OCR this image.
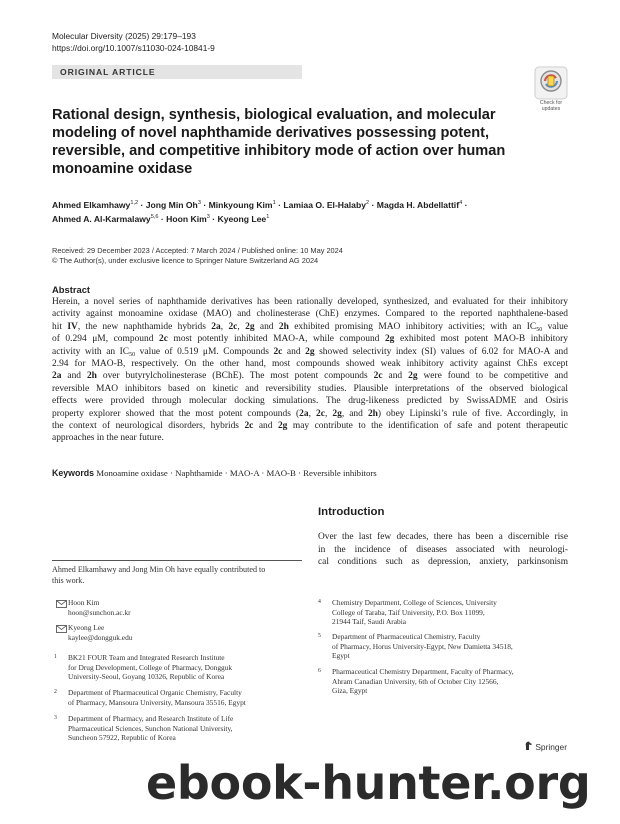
Molecular Diversity (2025) 29:179–193
https://doi.org/10.1007/s11030-024-10841-9
ORIGINAL ARTICLE
Check for
updates
Rational design, synthesis, biological evaluation, and molecular
modeling of novel naphthamide derivatives possessing potent,
reversible, and competitive inhibitory mode of action over human
monoamine oxidase
Ahmed Elkamhawy$^{1,2}$ · Jong Min $Oh^3$ · Minkyoung Kim$^1$ · Lamiaa O. El-Halaby$^2$ · Magda H. Abdellattif$^4$ ·
Ahmed A. Al-Karmalawy$^{5,6}$ · Hoon Kim$^3$ · Kyeong Lee$^1$
Received: 29 December 2023 / Accepted: 7 March 2024 / Published online: 10 May 2024
© The Author(s), under exclusive licence to Springer Nature Switzerland AG 2024
Abstract
Herein, a novel series of naphthamide derivatives has been rationally developed, synthesized, and evaluated for their inhibitory
activity against monoamine oxidase (MAO) and cholinesterase (ChE) enzymes. Compared to the reported naphthalene-based
hit IV, the new naphthamide hybrids 2a, 2c, 2g and 2h exhibited promising MAO inhibitory activities; with an $IC_{50}$ value
of 0.294 μM, compound 2c most potently inhibited MAO-A, while compound 2g exhibited most potent MAO-B inhibitory
activity with an $IC_{50}$ value of 0.519 μM. Compounds 2c and 2g showed selectivity index (SI) values of 6.02 for MAO-A and
2.94 for MAO-B, respectively. On the other hand, most compounds showed weak inhibitory activity against ChEs except
2a and 2h over butyrylcholinesterase (BChE). The most potent compounds 2c and 2g were found to be competitive and
reversible MAO inhibitors based on kinetic and reversibility studies. Plausible interpretations of the observed biological
effects were provided through molecular docking simulations. The drug-likeness predicted by SwissADME and Osiris
property explorer showed that the most potent compounds (2a, 2c, 2g, and 2h) obey Lipinski’s rule of five. Accordingly, in
the context of neurological disorders, hybrids 2c and 2g may contribute to the identification of safe and potent therapeutic
approaches in the near future.
Keywords Monoamine oxidase · Naphthamide · MAO-A · MAO-B · Reversible inhibitors
Introduction
Over the last few decades, there has been a discernible rise
in the incidence of diseases associated with neurologi-
cal conditions such as depression, anxiety, parkinsonism
Ahmed Elkamhawy and Jong Min Oh have equally contributed to
this work.
Hoon Kim
hoon@sunchon.ac.kr
Kyeong Lee
kaylee@dongguk.edu
1 BK21 FOUR Team and Integrated Research Institute
for Drug Development, College of Pharmacy, Dongguk
University-Seoul, Goyang 10326, Republic of Korea
2 Department of Pharmaceutical Organic Chemistry, Faculty
of Pharmacy, Mansoura University, Mansoura 35516, Egypt
3 Department of Pharmacy, and Research Institute of Life
Pharmaceutical Sciences, Sunchon National University,
Suncheon 57922, Republic of Korea
4 Chemistry Department, College of Sciences, University
College of Taraba, Taif University, P.O. Box 11099,
21944 Taif, Saudi Arabia
5 Department of Pharmaceutical Chemistry, Faculty
of Pharmacy, Horus University-Egypt, New Damietta 34518,
Egypt
6 Pharmaceutical Chemistry Department, Faculty of Pharmacy,
Ahram Canadian University, 6th of October City 12566,
Giza, Egypt
Springer
ebook-hunter.org
